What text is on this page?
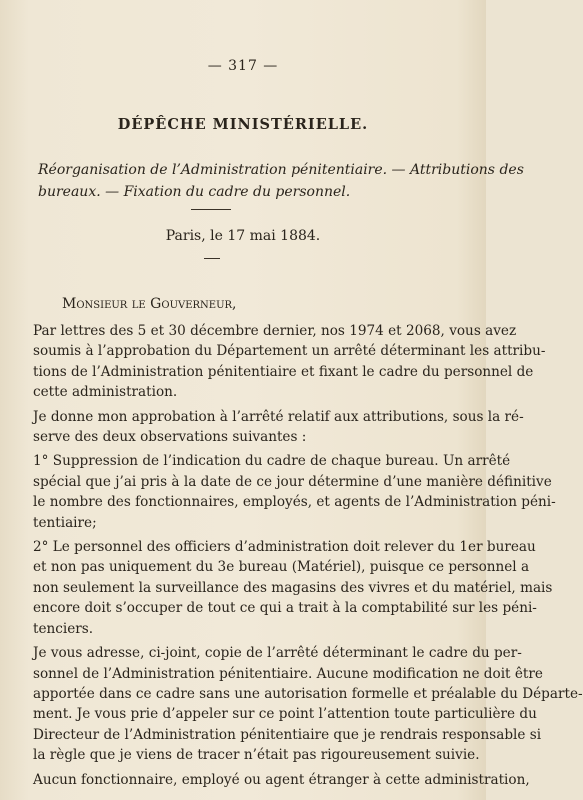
— 317 —
DÉPÊCHE MINISTÉRIELLE.
Réorganisation de l’Administration pénitentiaire. — Attributions des
bureaux. — Fixation du cadre du personnel.
Paris, le 17 mai 1884.
Monsieur le Gouverneur,

Par lettres des 5 et 30 décembre dernier, nos 1974 et 2068, vous avez
soumis à l’approbation du Département un arrêté déterminant les attribu-
tions de l’Administration pénitentiaire et fixant le cadre du personnel de
cette administration.

Je donne mon approbation à l’arrêté relatif aux attributions, sous la ré-
serve des deux observations suivantes :

1° Suppression de l’indication du cadre de chaque bureau. Un arrêté
spécial que j’ai pris à la date de ce jour détermine d’une manière définitive
le nombre des fonctionnaires, employés, et agents de l’Administration péni-
tentiaire;

2° Le personnel des officiers d’administration doit relever du 1er bureau
et non pas uniquement du 3e bureau (Matériel), puisque ce personnel a
non seulement la surveillance des magasins des vivres et du matériel, mais
encore doit s’occuper de tout ce qui a trait à la comptabilité sur les péni-
tenciers.

Je vous adresse, ci-joint, copie de l’arrêté déterminant le cadre du per-
sonnel de l’Administration pénitentiaire. Aucune modification ne doit être
apportée dans ce cadre sans une autorisation formelle et préalable du Départe-
ment. Je vous prie d’appeler sur ce point l’attention toute particulière du
Directeur de l’Administration pénitentiaire que je rendrais responsable si
la règle que je viens de tracer n’était pas rigoureusement suivie.

Aucun fonctionnaire, employé ou agent étranger à cette administration,
